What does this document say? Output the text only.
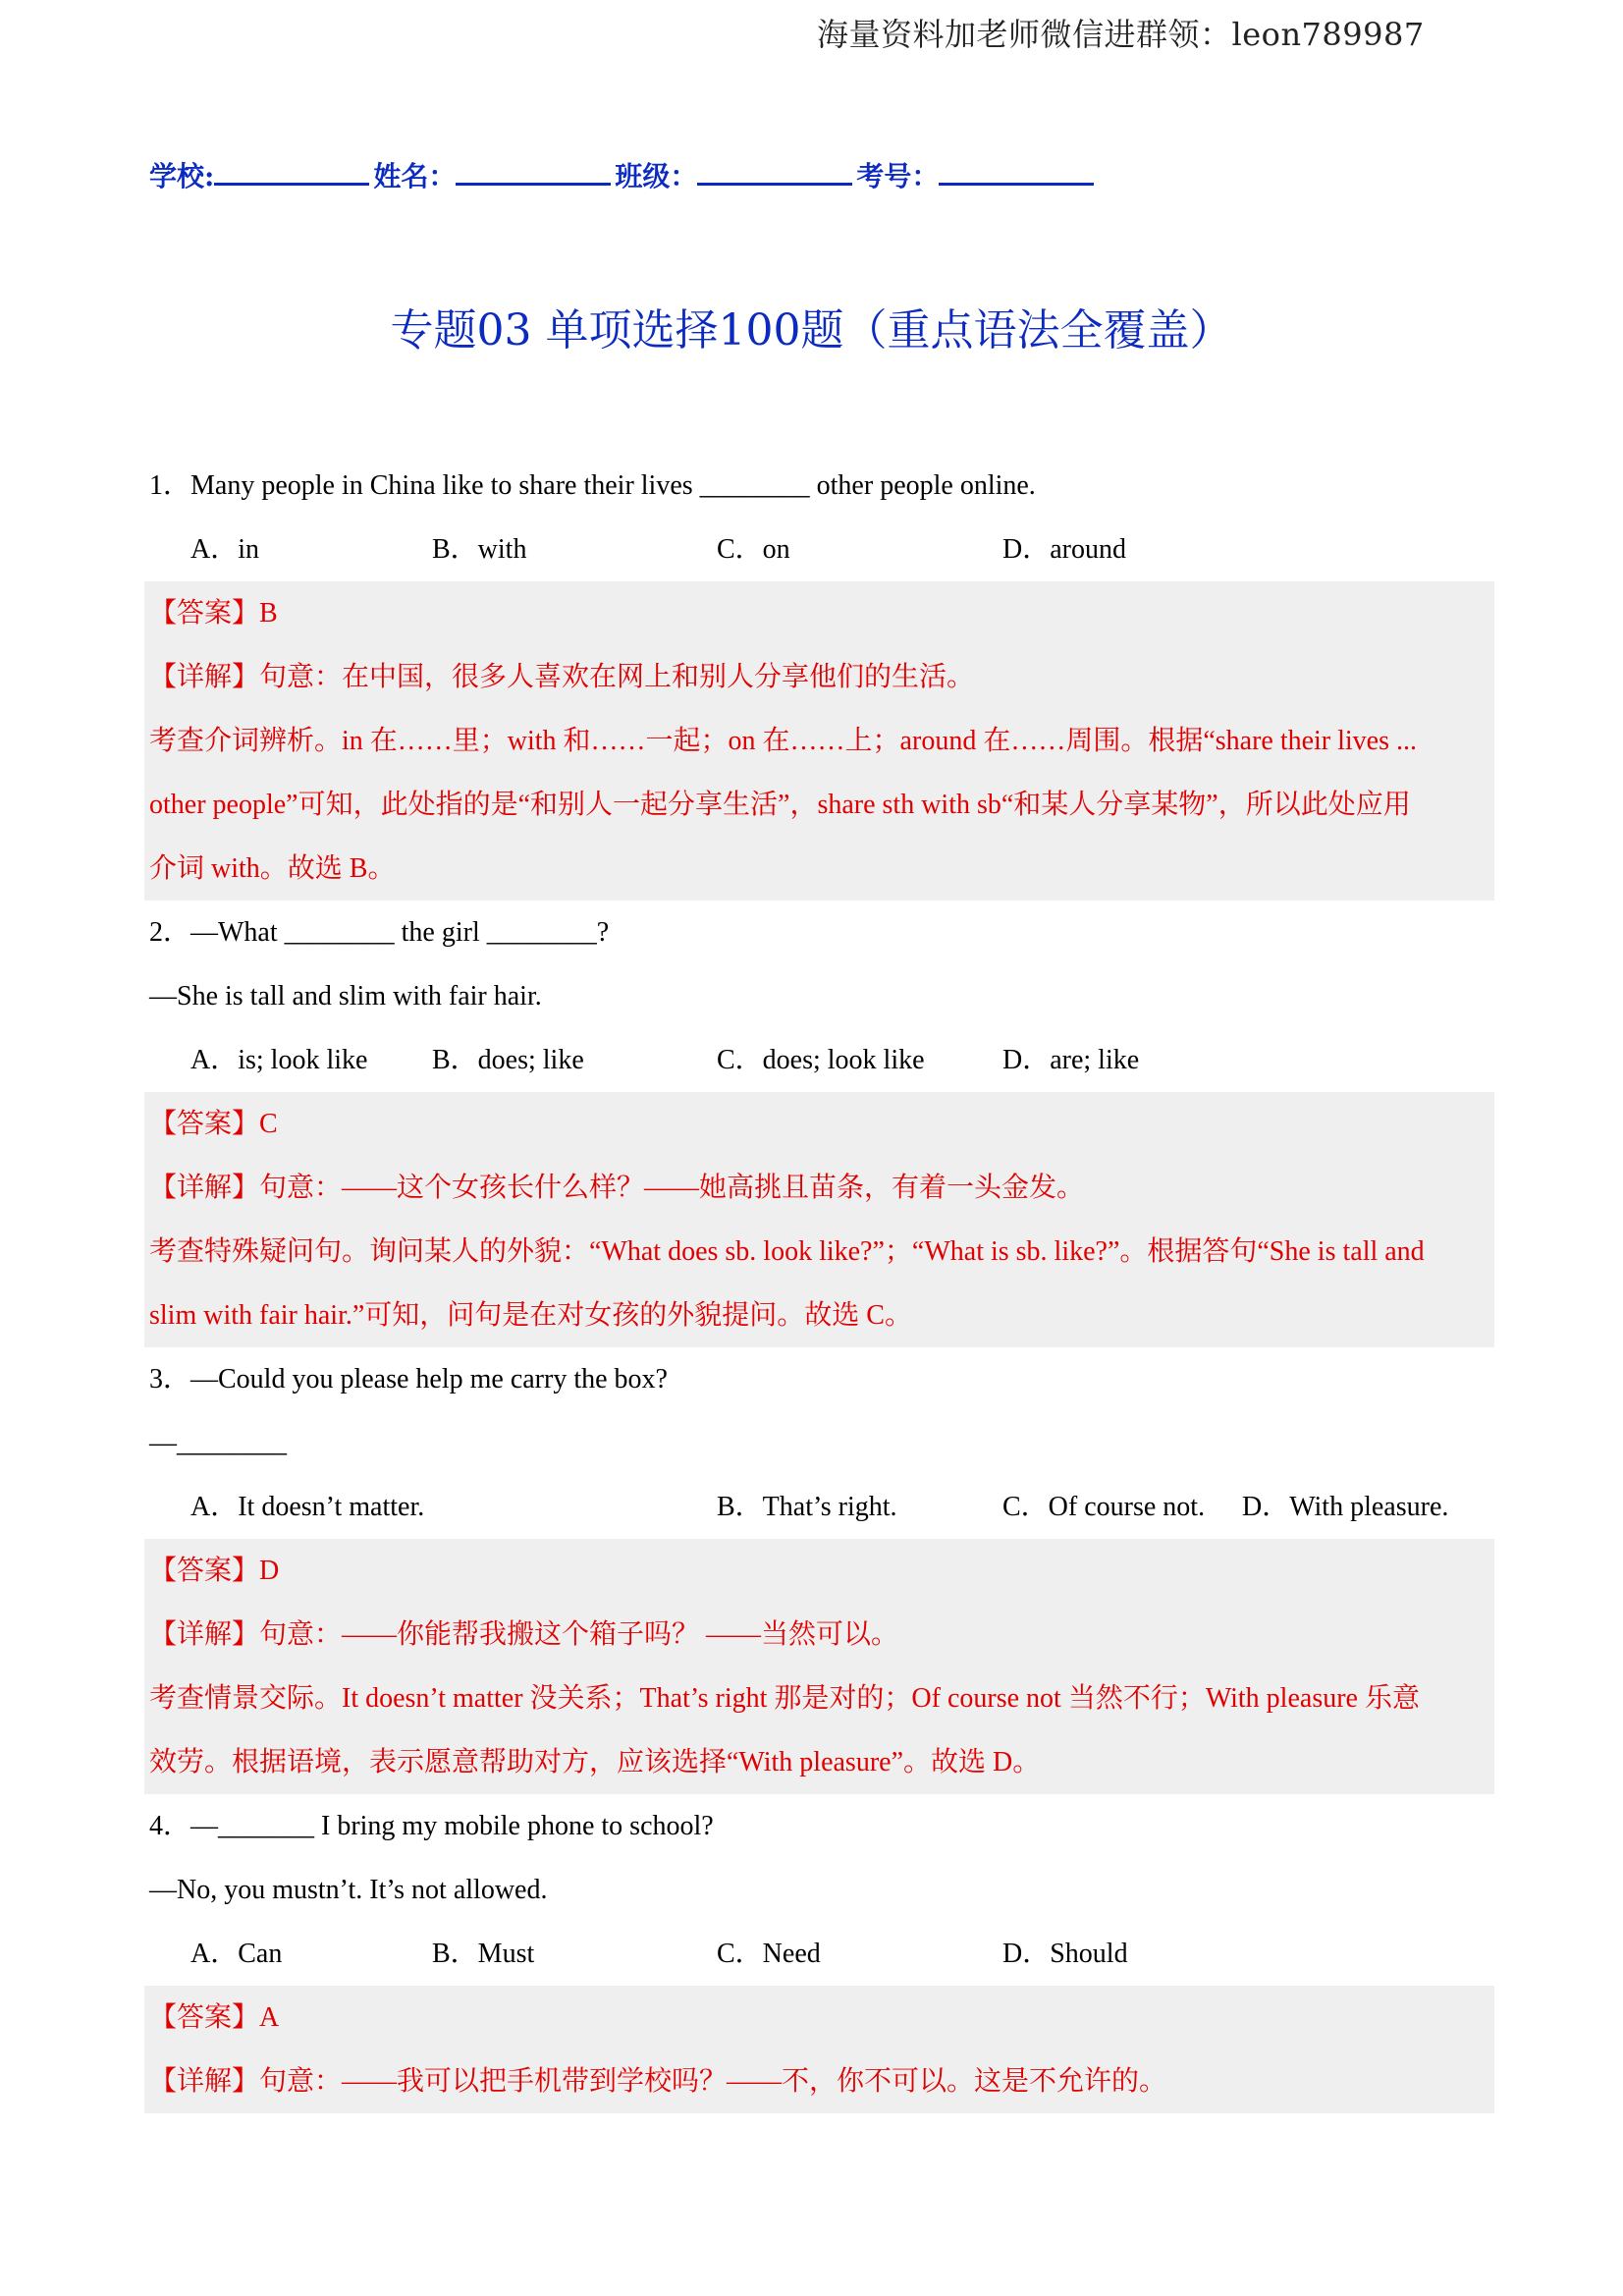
海量资料加老师微信进群领：leon789987
学校:	姓名：	班级：	考号：
专题03 单项选择100题（重点语法全覆盖）
1．Many people in China like to share their lives ________ other people online.
A．in	B．with	C．on	D．around
【答案】B
【详解】句意：在中国，很多人喜欢在网上和别人分享他们的生活。
考查介词辨析。in 在……里；with 和……一起；on 在……上；around 在……周围。根据“share their lives ...
other people”可知，此处指的是“和别人一起分享生活”，share sth with sb“和某人分享某物”，所以此处应用
介词 with。故选 B。
2．—What ________ the girl ________?
—She is tall and slim with fair hair.
A．is; look like	B．does; like	C．does; look like	D．are; like
【答案】C
【详解】句意：——这个女孩长什么样？——她高挑且苗条，有着一头金发。
考查特殊疑问句。询问某人的外貌：“What does sb. look like?”；“What is sb. like?”。根据答句“She is tall and
slim with fair hair.”可知，问句是在对女孩的外貌提问。故选 C。
3．—Could you please help me carry the box?
—________
A．It doesn’t matter.	B．That’s right.	C．Of course not.	D．With pleasure.
【答案】D
【详解】句意：——你能帮我搬这个箱子吗？ ——当然可以。
考查情景交际。It doesn’t matter 没关系；That’s right 那是对的；Of course not 当然不行；With pleasure 乐意
效劳。根据语境，表示愿意帮助对方，应该选择“With pleasure”。故选 D。
4．—_______ I bring my mobile phone to school?
—No, you mustn’t. It’s not allowed.
A．Can	B．Must	C．Need	D．Should
【答案】A
【详解】句意：——我可以把手机带到学校吗？——不，你不可以。这是不允许的。
